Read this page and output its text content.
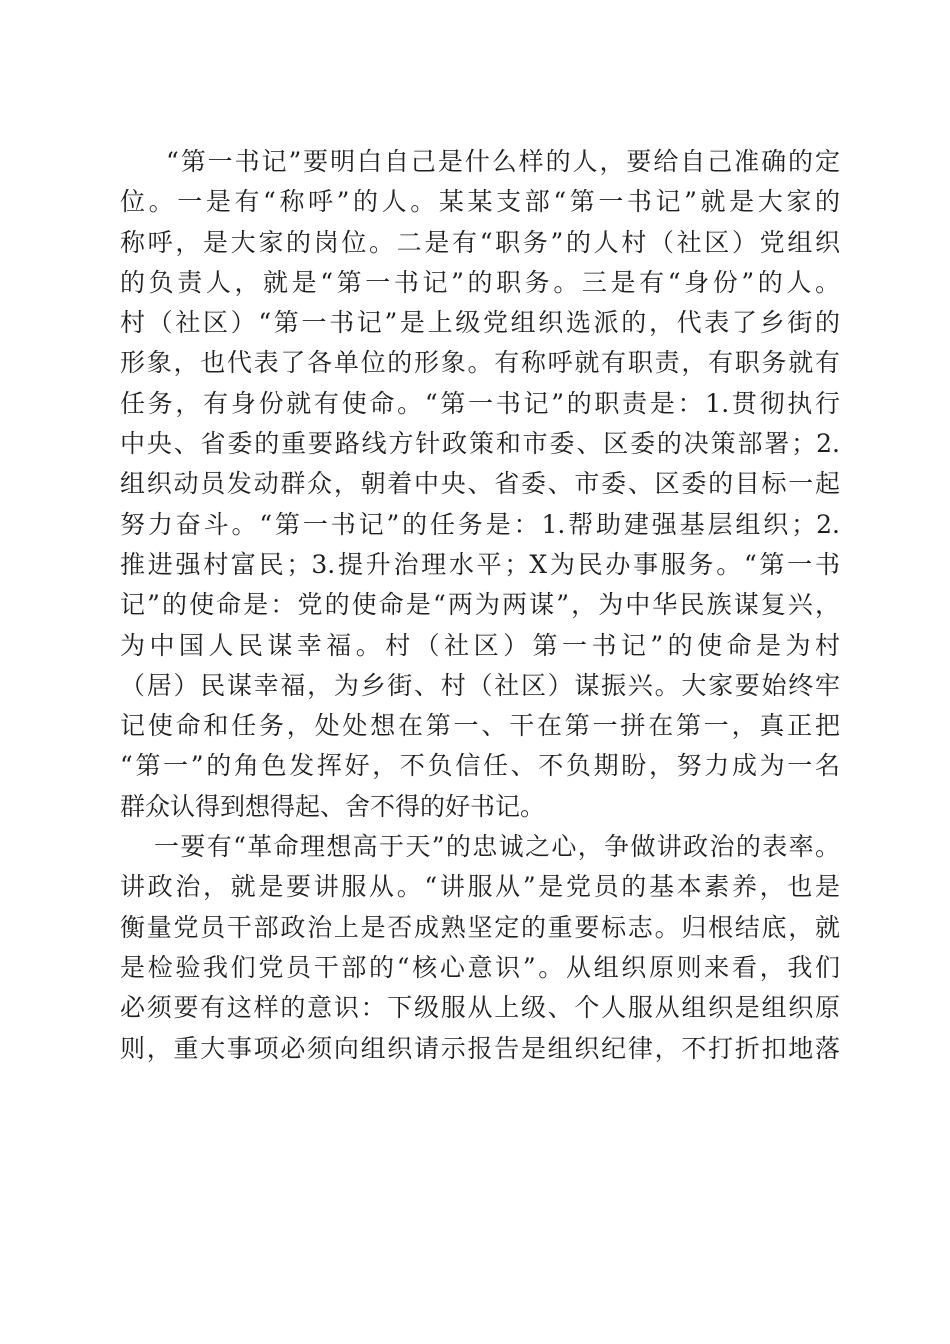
“第一书记”要明白自己是什么样的人，要给自己准确的定
位。一是有“称呼”的人。某某支部“第一书记”就是大家的
称呼，是大家的岗位。二是有“职务”的人村（社区）党组织
的负责人，就是“第一书记”的职务。三是有“身份”的人。
村（社区）“第一书记”是上级党组织选派的，代表了乡街的
形象，也代表了各单位的形象。有称呼就有职责，有职务就有
任务，有身份就有使命。“第一书记”的职责是：1.贯彻执行
中央、省委的重要路线方针政策和市委、区委的决策部署；2.
组织动员发动群众，朝着中央、省委、市委、区委的目标一起
努力奋斗。“第一书记”的任务是：1.帮助建强基层组织；2.
推进强村富民；3.提升治理水平；X为民办事服务。“第一书
记”的使命是：党的使命是“两为两谋”，为中华民族谋复兴，
为中国人民谋幸福。村（社区）第一书记”的使命是为村
（居）民谋幸福，为乡街、村（社区）谋振兴。大家要始终牢
记使命和任务，处处想在第一、干在第一拼在第一，真正把
“第一”的角色发挥好，不负信任、不负期盼，努力成为一名
群众认得到想得起、舍不得的好书记。

一要有“革命理想高于天”的忠诚之心，争做讲政治的表率。
讲政治，就是要讲服从。“讲服从”是党员的基本素养，也是
衡量党员干部政治上是否成熟坚定的重要标志。归根结底，就
是检验我们党员干部的“核心意识”。从组织原则来看，我们
必须要有这样的意识：下级服从上级、个人服从组织是组织原
则，重大事项必须向组织请示报告是组织纪律，不打折扣地落
